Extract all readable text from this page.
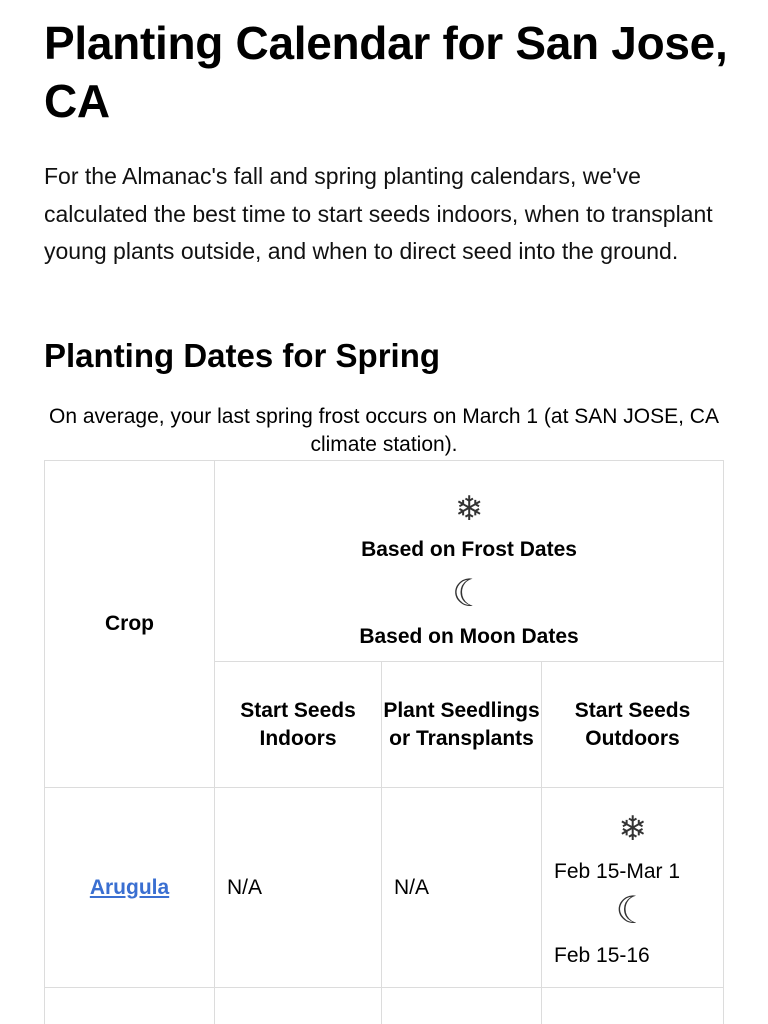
Planting Calendar for San Jose, CA

For the Almanac's fall and spring planting calendars, we've calculated the best time to start seeds indoors, when to transplant young plants outside, and when to direct seed into the ground.

Planting Dates for Spring

On average, your last spring frost occurs on March 1 (at SAN JOSE, CA climate station).

Crop	❄
Based on Frost Dates
☾
Based on Moon Dates		

	Start Seeds Indoors	Plant Seedlings or Transplants	Start Seeds Outdoors
Arugula	N/A	N/A	❄
Feb 15-Mar 1
☾
Feb 15-16
